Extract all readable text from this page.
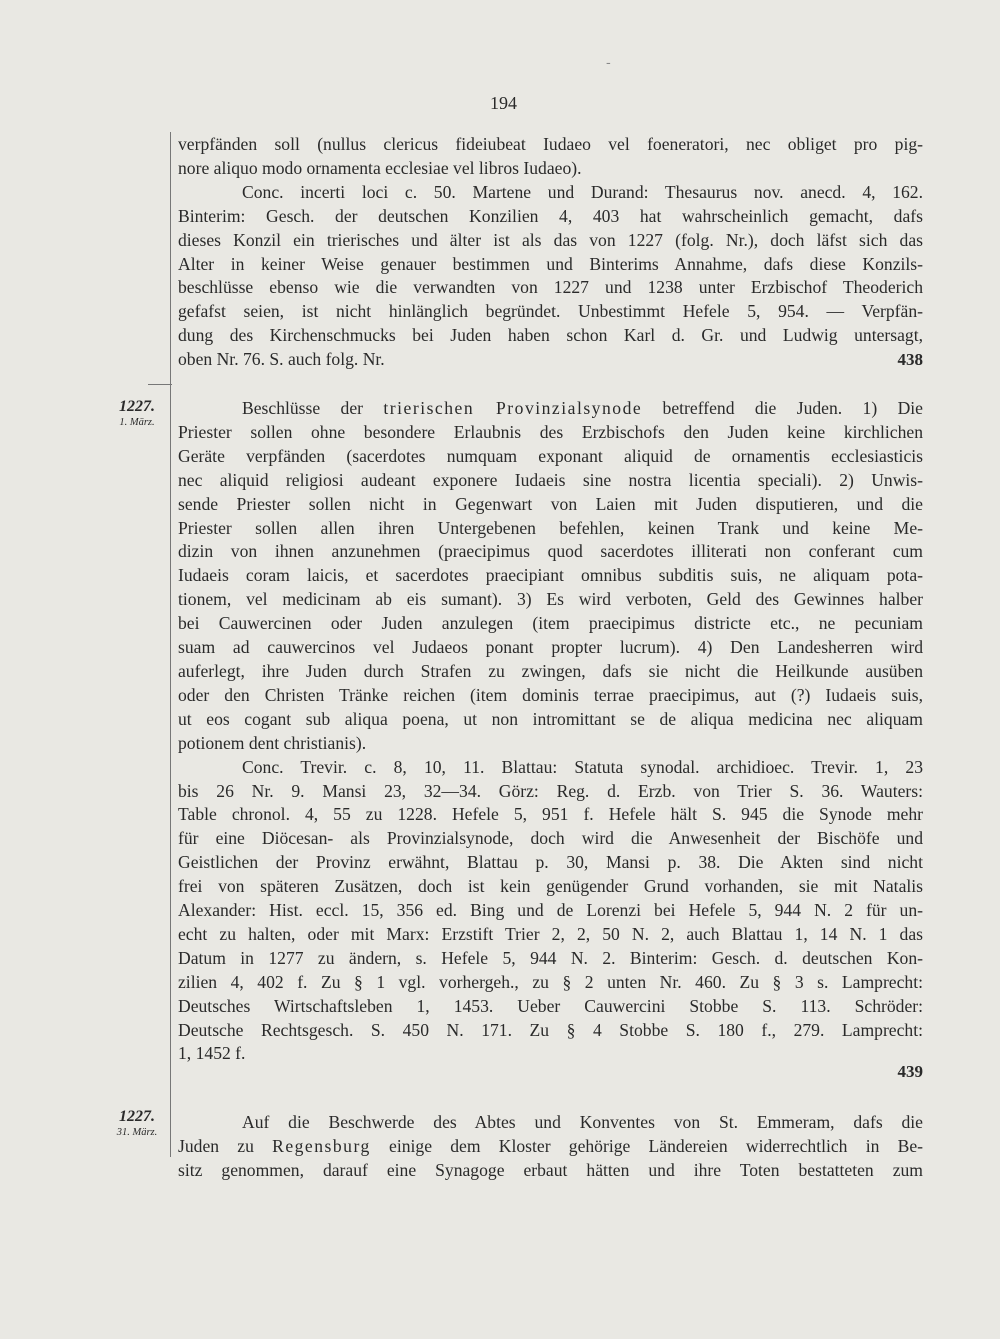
194
‐
verpfänden soll (nullus clericus fideiubeat Iudaeo vel foeneratori, nec obliget pro pig-
nore aliquo modo ornamenta ecclesiae vel libros Iudaeo).
Conc. incerti loci c. 50. Martene und Durand: Thesaurus nov. anecd. 4, 162.
Binterim: Gesch. der deutschen Konzilien 4, 403 hat wahrscheinlich gemacht, dafs
dieses Konzil ein trierisches und älter ist als das von 1227 (folg. Nr.), doch läfst sich das
Alter in keiner Weise genauer bestimmen und Binterims Annahme, dafs diese Konzils-
beschlüsse ebenso wie die verwandten von 1227 und 1238 unter Erzbischof Theoderich
gefafst seien, ist nicht hinlänglich begründet. Unbestimmt Hefele 5, 954. — Verpfän-
dung des Kirchenschmucks bei Juden haben schon Karl d. Gr. und Ludwig untersagt,
oben Nr. 76. S. auch folg. Nr.	438
1227.
1. März.
Beschlüsse der trierischen Provinzialsynode betreffend die Juden. 1) Die
Priester sollen ohne besondere Erlaubnis des Erzbischofs den Juden keine kirchlichen
Geräte verpfänden (sacerdotes numquam exponant aliquid de ornamentis ecclesiasticis
nec aliquid religiosi audeant exponere Iudaeis sine nostra licentia speciali). 2) Unwis-
sende Priester sollen nicht in Gegenwart von Laien mit Juden disputieren, und die
Priester sollen allen ihren Untergebenen befehlen, keinen Trank und keine Me-
dizin von ihnen anzunehmen (praecipimus quod sacerdotes illiterati non conferant cum
Iudaeis coram laicis, et sacerdotes praecipiant omnibus subditis suis, ne aliquam pota-
tionem, vel medicinam ab eis sumant). 3) Es wird verboten, Geld des Gewinnes halber
bei Cauwercinen oder Juden anzulegen (item praecipimus districte etc., ne pecuniam
suam ad cauwercinos vel Judaeos ponant propter lucrum). 4) Den Landesherren wird
auferlegt, ihre Juden durch Strafen zu zwingen, dafs sie nicht die Heilkunde ausüben
oder den Christen Tränke reichen (item dominis terrae praecipimus, aut (?) Iudaeis suis,
ut eos cogant sub aliqua poena, ut non intromittant se de aliqua medicina nec aliquam
potionem dent christianis).
Conc. Trevir. c. 8, 10, 11. Blattau: Statuta synodal. archidioec. Trevir. 1, 23
bis 26 Nr. 9. Mansi 23, 32—34. Görz: Reg. d. Erzb. von Trier S. 36. Wauters:
Table chronol. 4, 55 zu 1228. Hefele 5, 951 f. Hefele hält S. 945 die Synode mehr
für eine Diöcesan- als Provinzialsynode, doch wird die Anwesenheit der Bischöfe und
Geistlichen der Provinz erwähnt, Blattau p. 30, Mansi p. 38. Die Akten sind nicht
frei von späteren Zusätzen, doch ist kein genügender Grund vorhanden, sie mit Natalis
Alexander: Hist. eccl. 15, 356 ed. Bing und de Lorenzi bei Hefele 5, 944 N. 2 für un-
echt zu halten, oder mit Marx: Erzstift Trier 2, 2, 50 N. 2, auch Blattau 1, 14 N. 1 das
Datum in 1277 zu ändern, s. Hefele 5, 944 N. 2. Binterim: Gesch. d. deutschen Kon-
zilien 4, 402 f. Zu § 1 vgl. vorhergeh., zu § 2 unten Nr. 460. Zu § 3 s. Lamprecht:
Deutsches Wirtschaftsleben 1, 1453. Ueber Cauwercini Stobbe S. 113. Schröder:
Deutsche Rechtsgesch. S. 450 N. 171. Zu § 4 Stobbe S. 180 f., 279. Lamprecht:
1, 1452 f.
439
1227.
31. März.
Auf die Beschwerde des Abtes und Konventes von St. Emmeram, dafs die
Juden zu Regensburg einige dem Kloster gehörige Ländereien widerrechtlich in Be-
sitz genommen, darauf eine Synagoge erbaut hätten und ihre Toten bestatteten zum
